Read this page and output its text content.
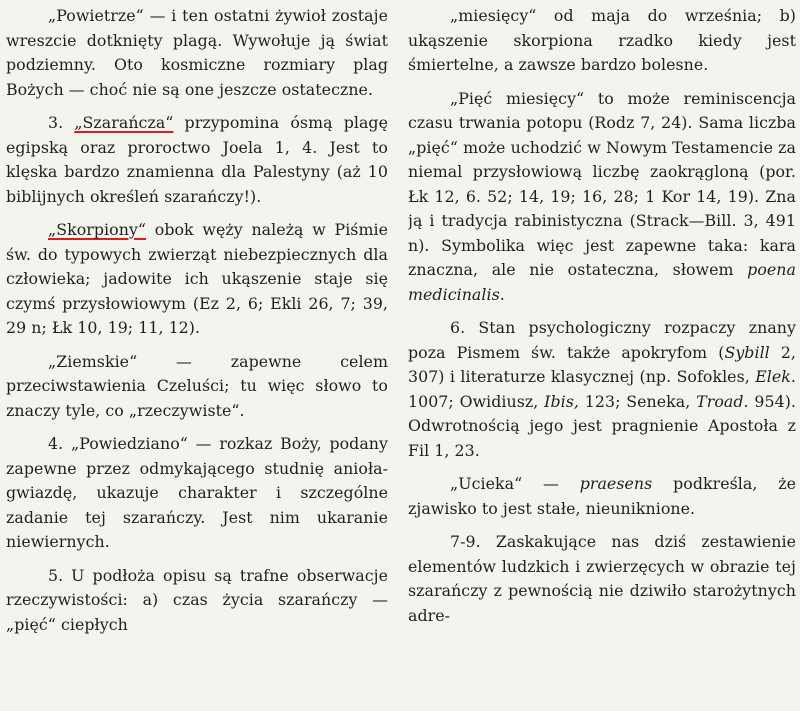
„Powietrze“ — i ten ostatni żywioł zostaje wreszcie dotknięty plagą. Wywołuje ją świat podziemny. Oto kosmiczne rozmiary plag Bożych — choć nie są one jeszcze ostateczne.

3. „Szarańcza“ przypomina ósmą plagę egipską oraz proroctwo Joela 1, 4. Jest to klęska bardzo znamienna dla Palestyny (aż 10 biblijnych określeń szarańczy!).

„Skorpiony“ obok węży należą w Piśmie św. do typowych zwierząt niebezpiecznych dla człowieka; jadowite ich ukąszenie staje się czymś przysłowiowym (Ez 2, 6; Ekli 26, 7; 39, 29 n; Łk 10, 19; 11, 12).

„Ziemskie“ — zapewne celem przeciwstawienia Czeluści; tu więc słowo to znaczy tyle, co „rzeczywiste“.

4. „Powiedziano“ — rozkaz Boży, podany zapewne przez odmykającego studnię anioła-gwiazdę, ukazuje charakter i szczególne zadanie tej szarańczy. Jest nim ukaranie niewiernych.

5. U podłoża opisu są trafne obserwacje rzeczywistości: a) czas życia szarańczy — „pięć“ ciepłych

„miesięcy“ od maja do września; b) ukąszenie skorpiona rzadko kiedy jest śmiertelne, a zawsze bardzo bolesne.

„Pięć miesięcy“ to może reminiscencja czasu trwania potopu (Rodz 7, 24). Sama liczba „pięć“ może uchodzić w Nowym Testamencie za niemal przysłowiową liczbę zaokrągloną (por. Łk 12, 6. 52; 14, 19; 16, 28; 1 Kor 14, 19). Zna ją i tradycja rabinistyczna (Strack—Bill. 3, 491 n). Symbolika więc jest zapewne taka: kara znaczna, ale nie ostateczna, słowem poena medicinalis.

6. Stan psychologiczny rozpaczy znany poza Pismem św. także apokryfom (Sybill 2, 307) i literaturze klasycznej (np. Sofokles, Elek. 1007; Owidiusz, Ibis, 123; Seneka, Troad. 954). Odwrotnością jego jest pragnienie Apostoła z Fil 1, 23.

„Ucieka“ — praesens podkreśla, że zjawisko to jest stałe, nieuniknione.

7-9. Zaskakujące nas dziś zestawienie elementów ludzkich i zwierzęcych w obrazie tej szarańczy z pewnością nie dziwiło starożytnych adre-
